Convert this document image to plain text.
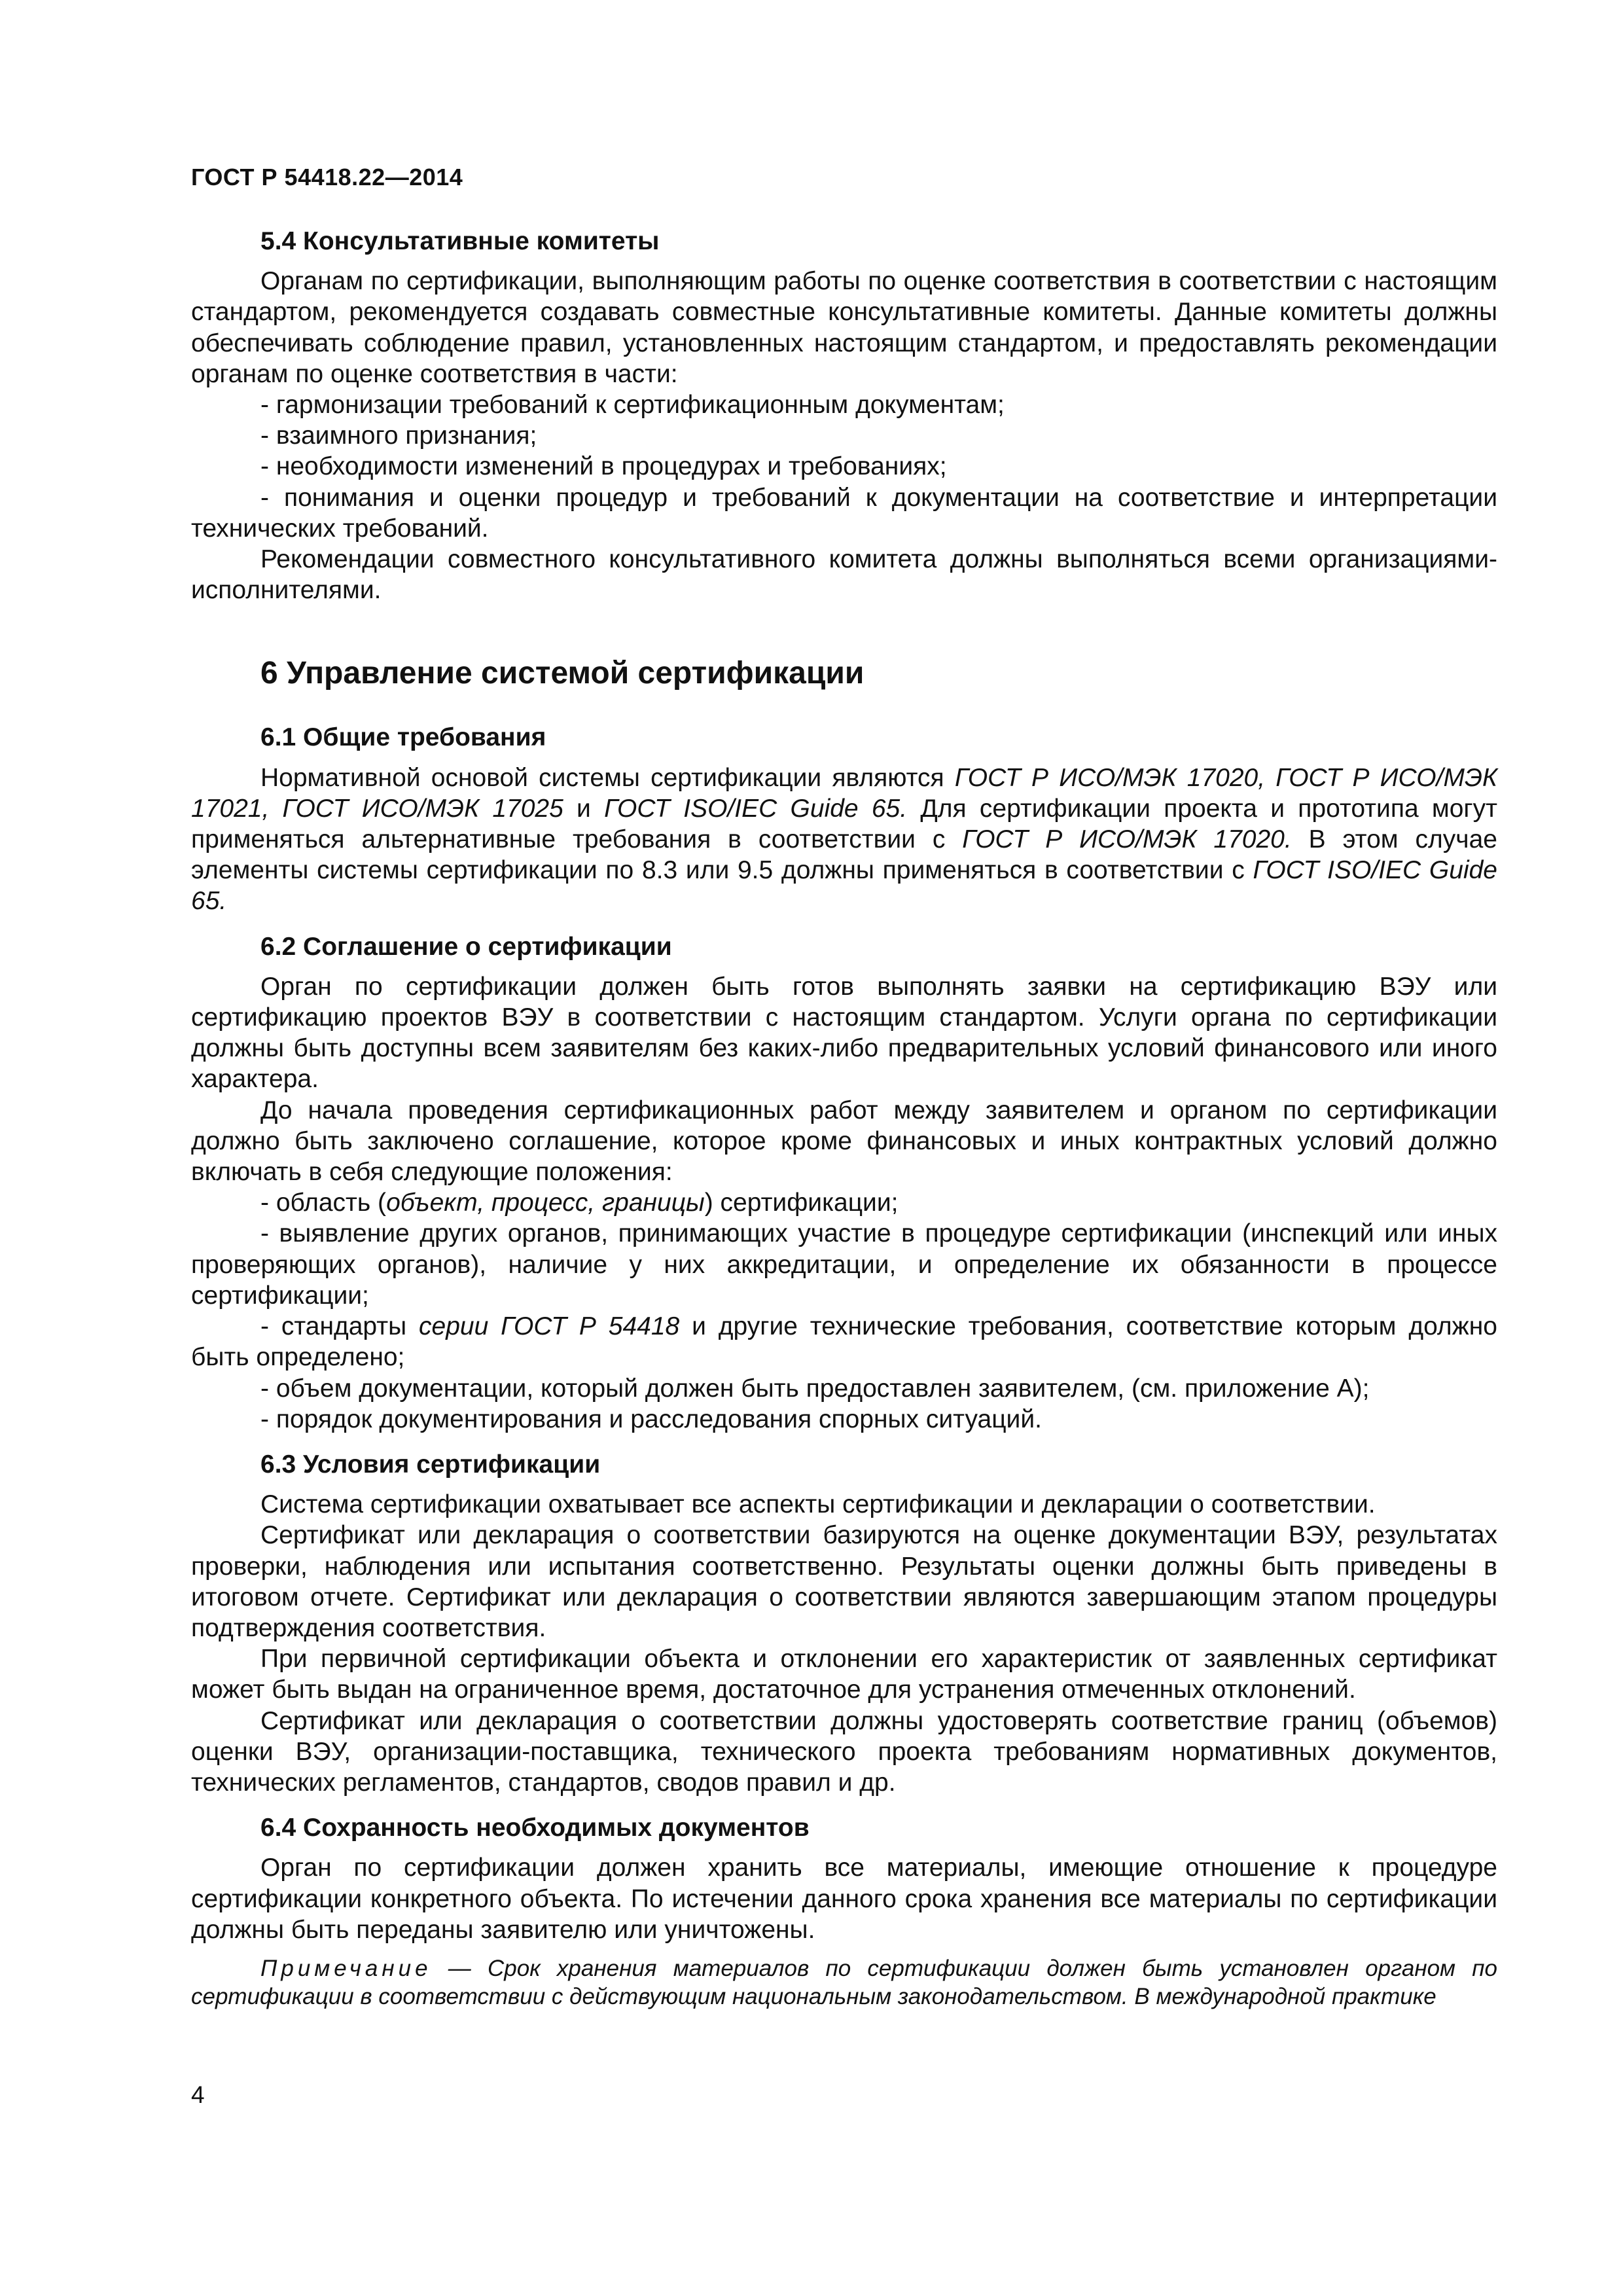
ГОСТ Р 54418.22—2014
5.4 Консультативные комитеты

Органам по сертификации, выполняющим работы по оценке соответствия в соответствии с настоящим стандартом, рекомендуется создавать совместные консультативные комитеты. Данные комитеты должны обеспечивать соблюдение правил, установленных настоящим стандартом, и предоставлять рекомендации органам по оценке соответствия в части:

- гармонизации требований к сертификационным документам;

- взаимного признания;

- необходимости изменений в процедурах и требованиях;

- понимания и оценки процедур и требований к документации на соответствие и интерпретации технических требований.

Рекомендации совместного консультативного комитета должны выполняться всеми организациями-исполнителями.

6 Управление системой сертификации
6.1 Общие требования

Нормативной основой системы сертификации являются ГОСТ Р ИСО/МЭК 17020, ГОСТ Р ИСО/МЭК 17021, ГОСТ ИСО/МЭК 17025 и ГОСТ ISO/IEC Guide 65. Для сертификации проекта и прототипа могут применяться альтернативные требования в соответствии с ГОСТ Р ИСО/МЭК 17020. В этом случае элементы системы сертификации по 8.3 или 9.5 должны применяться в соответствии с ГОСТ ISO/IEC Guide 65.

6.2 Соглашение о сертификации

Орган по сертификации должен быть готов выполнять заявки на сертификацию ВЭУ или сертификацию проектов ВЭУ в соответствии с настоящим стандартом. Услуги органа по сертификации должны быть доступны всем заявителям без каких-либо предварительных условий финансового или иного характера.

До начала проведения сертификационных работ между заявителем и органом по сертификации должно быть заключено соглашение, которое кроме финансовых и иных контрактных условий должно включать в себя следующие положения:

- область (объект, процесс, границы) сертификации;

- выявление других органов, принимающих участие в процедуре сертификации (инспекций или иных проверяющих органов), наличие у них аккредитации, и определение их обязанности в процессе сертификации;

- стандарты серии ГОСТ Р 54418 и другие технические требования, соответствие которым должно быть определено;

- объем документации, который должен быть предоставлен заявителем, (см. приложение А);

- порядок документирования и расследования спорных ситуаций.

6.3 Условия сертификации

Система сертификации охватывает все аспекты сертификации и декларации о соответствии.

Сертификат или декларация о соответствии базируются на оценке документации ВЭУ, результатах проверки, наблюдения или испытания соответственно. Результаты оценки должны быть приведены в итоговом отчете. Сертификат или декларация о соответствии являются завершающим этапом процедуры подтверждения соответствия.

При первичной сертификации объекта и отклонении его характеристик от заявленных сертификат может быть выдан на ограниченное время, достаточное для устранения отмеченных отклонений.

Сертификат или декларация о соответствии должны удостоверять соответствие границ (объемов) оценки ВЭУ, организации-поставщика, технического проекта требованиям нормативных документов, технических регламентов, стандартов, сводов правил и др.

6.4 Сохранность необходимых документов

Орган по сертификации должен хранить все материалы, имеющие отношение к процедуре сертификации конкретного объекта. По истечении данного срока хранения все материалы по сертификации должны быть переданы заявителю или уничтожены.

Примечание — Срок хранения материалов по сертификации должен быть установлен органом по сертификации в соответствии с действующим национальным законодательством. В международной практике

4
